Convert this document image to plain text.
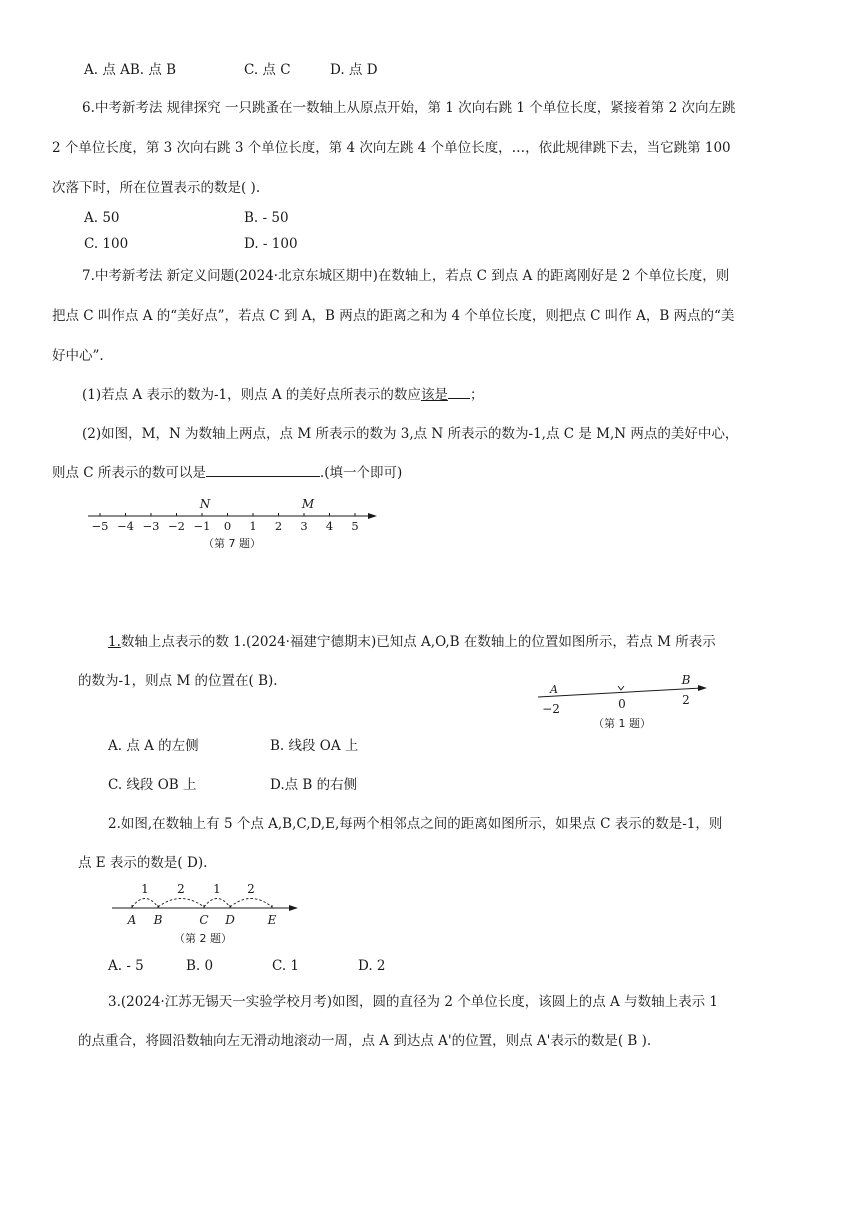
A. 点 AB. 点 B	C. 点 C	D. 点 D
6.中考新考法 规律探究 一只跳蚤在一数轴上从原点开始，第 1 次向右跳 1 个单位长度，紧接着第 2 次向左跳
2 个单位长度，第 3 次向右跳 3 个单位长度，第 4 次向左跳 4 个单位长度，…，依此规律跳下去，当它跳第 100
次落下时，所在位置表示的数是( ).
A. 50	B. - 50
C. 100	D. - 100
7.中考新考法 新定义问题(2024·北京东城区期中)在数轴上，若点 C 到点 A 的距离刚好是 2 个单位长度，则
把点 C 叫作点 A 的“美好点”，若点 C 到 A，B 两点的距离之和为 4 个单位长度，则把点 C 叫作 A，B 两点的“美
好中心”.
(1)若点 A 表示的数为-1，则点 A 的美好点所表示的数应该是 ；
(2)如图，M，N 为数轴上两点，点 M 所表示的数为 3,点 N 所表示的数为-1,点 C 是 M,N 两点的美好中心，
则点 C 所表示的数可以是	.(填一个即可)
−5 −4 −3 −2 −1 0 1 2 3 4 5
N	M
（第 7 题）
1.数轴上点表示的数 1.(2024·福建宁德期末)已知点 A,O,B 在数轴上的位置如图所示，若点 M 所表示
的数为-1，则点 M 的位置在( B).
A. 点 A 的左侧	B. 线段 OA 上
C. 线段 OB 上	D.点 B 的右侧
A
B
−2	0	2
（第 1 题）
2.如图,在数轴上有 5 个点 A,B,C,D,E,每两个相邻点之间的距离如图所示，如果点 C 表示的数是-1，则
点 E 表示的数是( D).
A B	C D	E
1 2 1 2
（第 2 题）
A. - 5	B. 0	C. 1	D. 2
3.(2024·江苏无锡天一实验学校月考)如图，圆的直径为 2 个单位长度，该圆上的点 A 与数轴上表示 1
的点重合，将圆沿数轴向左无滑动地滚动一周，点 A 到达点 A'的位置，则点 A'表示的数是( B ).
